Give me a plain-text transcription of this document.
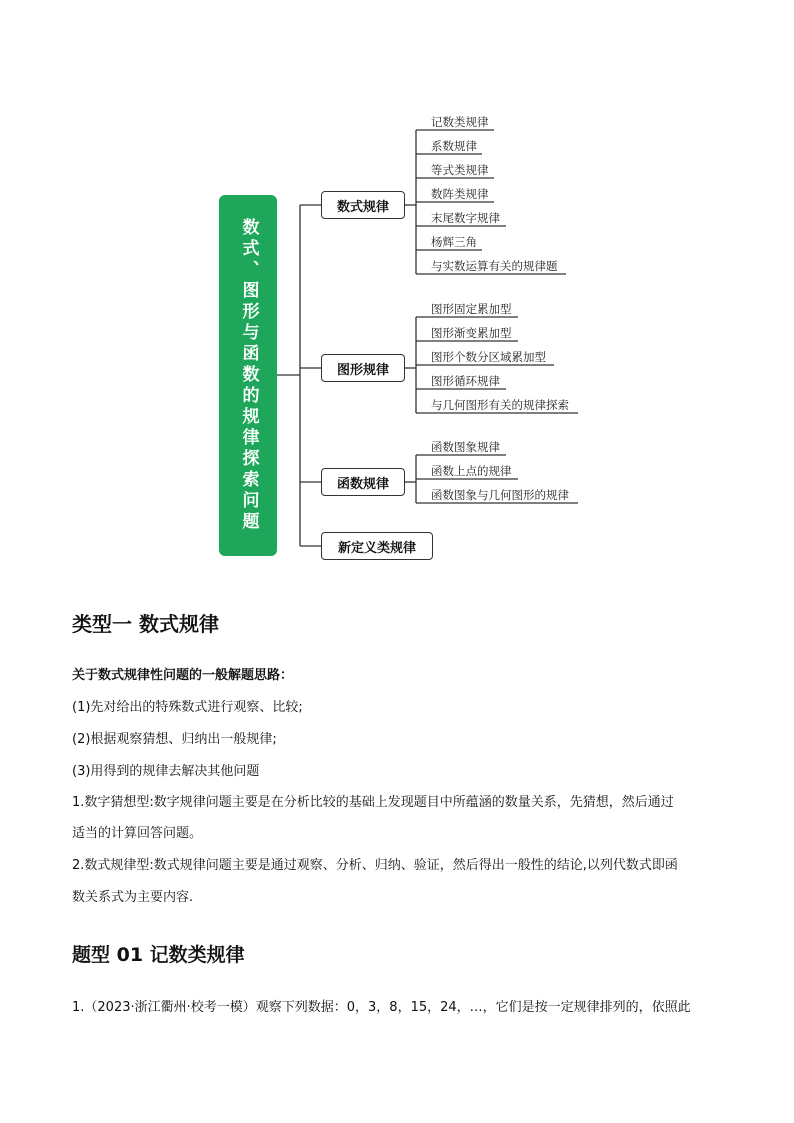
数式、图形与函数的规律探索问题
数式规律
图形规律
函数规律
新定义类规律
记数类规律
系数规律
等式类规律
数阵类规律
末尾数字规律
杨辉三角
与实数运算有关的规律题
图形固定累加型
图形渐变累加型
图形个数分区域累加型
图形循环规律
与几何图形有关的规律探索
函数图象规律
函数上点的规律
函数图象与几何图形的规律
类型一 数式规律
关于数式规律性问题的一般解题思路：
(1)先对给出的特殊数式进行观察、比较;
(2)根据观察猜想、归纳出一般规律;
(3)用得到的规律去解决其他问题
1.数字猜想型:数字规律问题主要是在分析比较的基础上发现题目中所蕴涵的数量关系，先猜想，然后通过
适当的计算回答问题。
2.数式规律型:数式规律问题主要是通过观察、分析、归纳、验证，然后得出一般性的结论,以列代数式即函
数关系式为主要内容.
题型 01 记数类规律
1.（2023·浙江衢州·校考一模）观察下列数据：0，3，8，15，24，…，它们是按一定规律排列的，依照此
